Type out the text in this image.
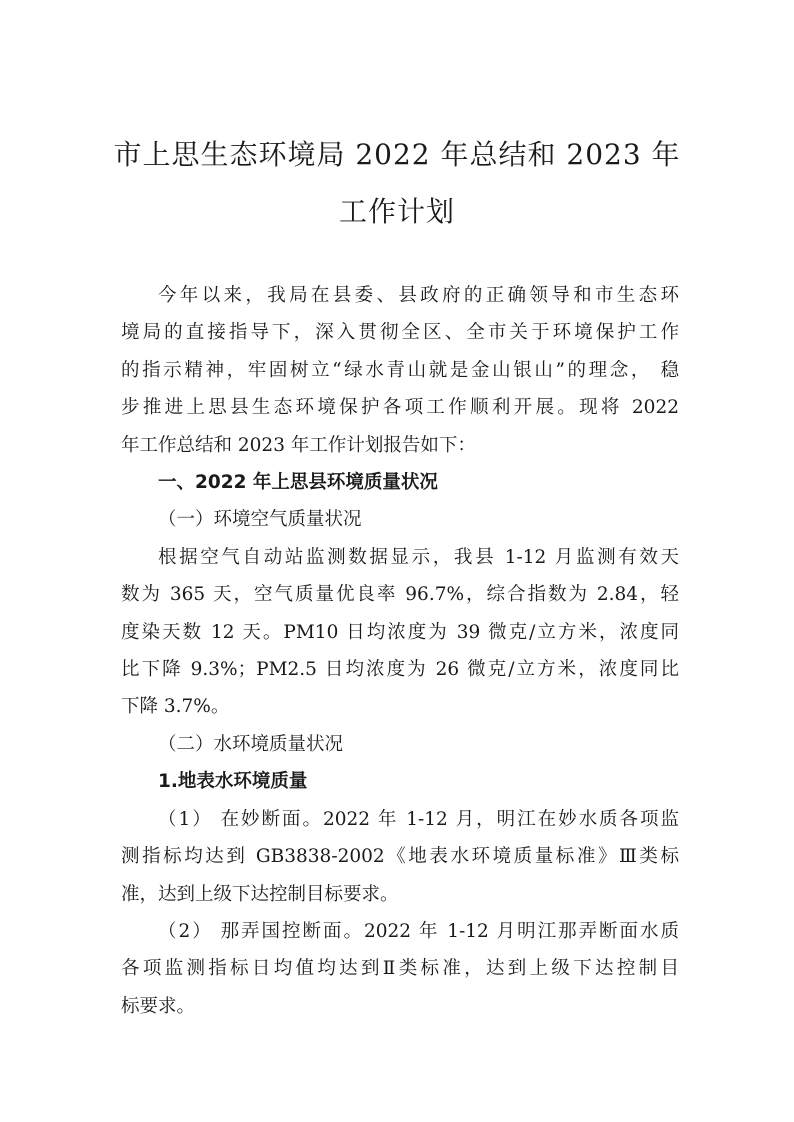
市上思生态环境局 2022 年总结和 2023 年
工作计划

今年以来，我局在县委、县政府的正确领导和市生态环

境局的直接指导下，深入贯彻全区、全市关于环境保护工作

的指示精神，牢固树立“绿水青山就是金山银山”的理念， 稳

步推进上思县生态环境保护各项工作顺利开展。现将 2022

年工作总结和 2023 年工作计划报告如下：

一、2022 年上思县环境质量状况

（一）环境空气质量状况

根据空气自动站监测数据显示，我县 1-12 月监测有效天

数为 365 天，空气质量优良率 96.7%，综合指数为 2.84，轻

度染天数 12 天。PM10 日均浓度为 39 微克/立方米，浓度同

比下降 9.3%；PM2.5 日均浓度为 26 微克/立方米，浓度同比

下降 3.7%。

（二）水环境质量状况

1.地表水环境质量

（1） 在妙断面。2022 年 1-12 月，明江在妙水质各项监

测指标均达到 GB3838-2002《地表水环境质量标准》Ⅲ类标

准，达到上级下达控制目标要求。

（2） 那弄国控断面。2022 年 1-12 月明江那弄断面水质

各项监测指标日均值均达到Ⅱ类标准，达到上级下达控制目

标要求。
